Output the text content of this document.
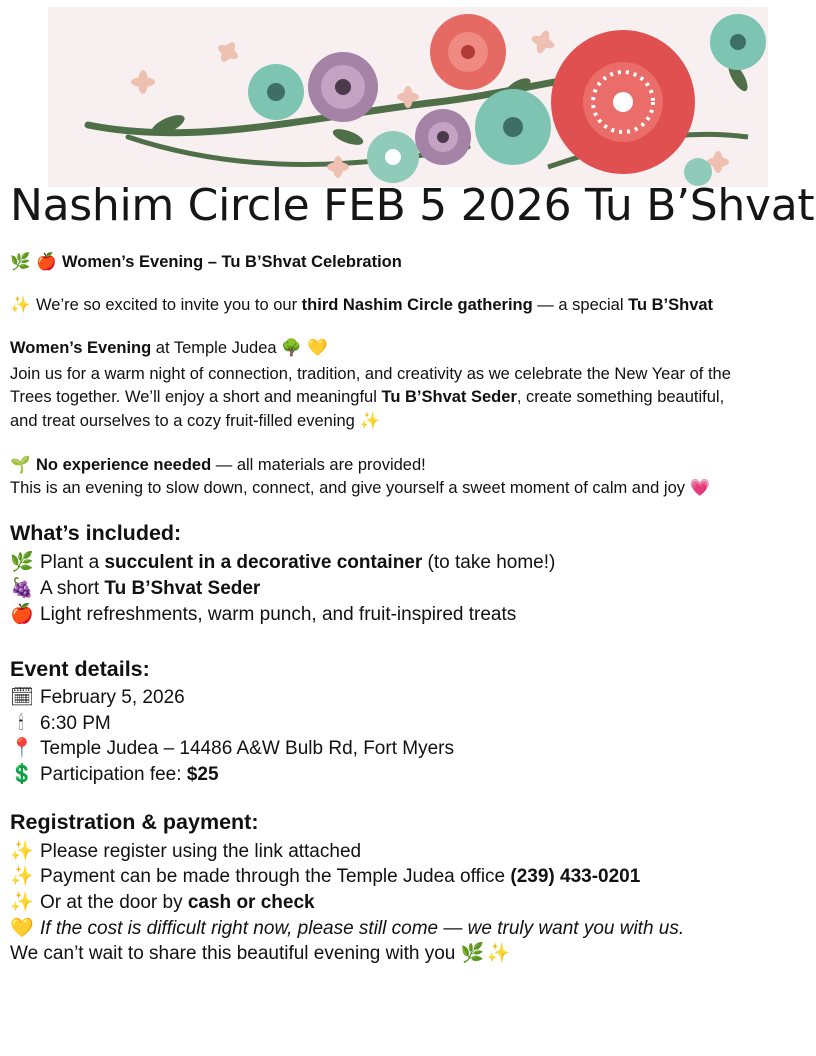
Nashim Circle FEB 5 2026 Tu B’Shvat

🌿 🍎 Women’s Evening – Tu B’Shvat Celebration

✨ We’re so excited to invite you to our third Nashim Circle gathering — a special Tu B’Shvat

Women’s Evening at Temple Judea 🌳 💛

Join us for a warm night of connection, tradition, and creativity as we celebrate the New Year of the

Trees together. We’ll enjoy a short and meaningful Tu B’Shvat Seder, create something beautiful,

and treat ourselves to a cozy fruit-filled evening ✨

🌱 No experience needed — all materials are provided!

This is an evening to slow down, connect, and give yourself a sweet moment of calm and joy 💗

What’s included:

🌿 Plant a succulent in a decorative container (to take home!)

🍇 A short Tu B’Shvat Seder

🍎 Light refreshments, warm punch, and fruit-inspired treats

Event details:

🗓 February 5, 2026

🕯 6:30 PM

📍 Temple Judea – 14486 A&W Bulb Rd, Fort Myers

💲 Participation fee: $25

Registration & payment:

✨ Please register using the link attached

✨ Payment can be made through the Temple Judea office (239) 433-0201

✨ Or at the door by cash or check

💛 If the cost is difficult right now, please still come — we truly want you with us.

We can’t wait to share this beautiful evening with you 🌿 ✨
